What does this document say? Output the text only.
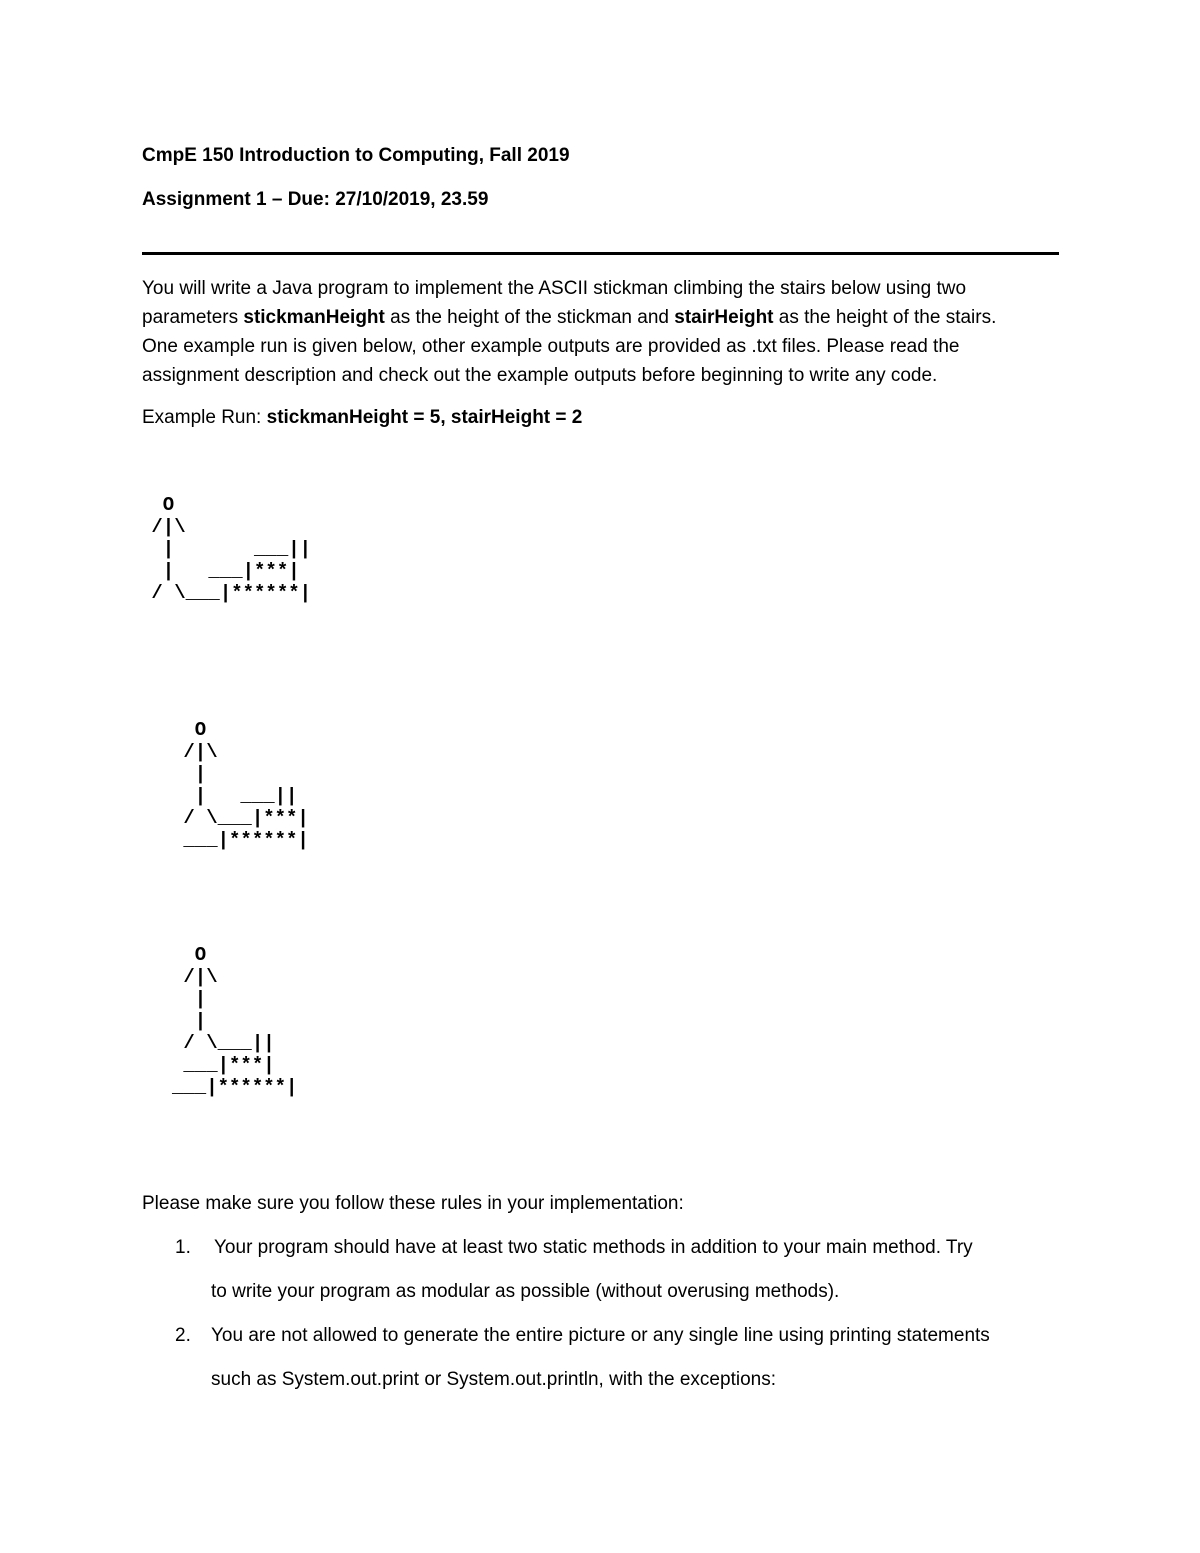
CmpE 150 Introduction to Computing, Fall 2019
Assignment 1 – Due: 27/10/2019, 23.59
You will write a Java program to implement the ASCII stickman climbing the stairs below using two
parameters stickmanHeight as the height of the stickman and stairHeight as the height of the stairs.
One example run is given below, other example outputs are provided as .txt files. Please read the
assignment description and check out the example outputs before beginning to write any code.
Example Run: stickmanHeight = 5, stairHeight = 2
O
/|\
|       ___||
|   ___|***|
/ \___|******|
O
/|\
|
|   ___||
/ \___|***|
___|******|
O
/|\
|
|
/ \___||
___|***|
___|******|
Please make sure you follow these rules in your implementation:
1. Your program should have at least two static methods in addition to your main method. Try
to write your program as modular as possible (without overusing methods).
2. You are not allowed to generate the entire picture or any single line using printing statements
such as System.out.print or System.out.println, with the exceptions:
